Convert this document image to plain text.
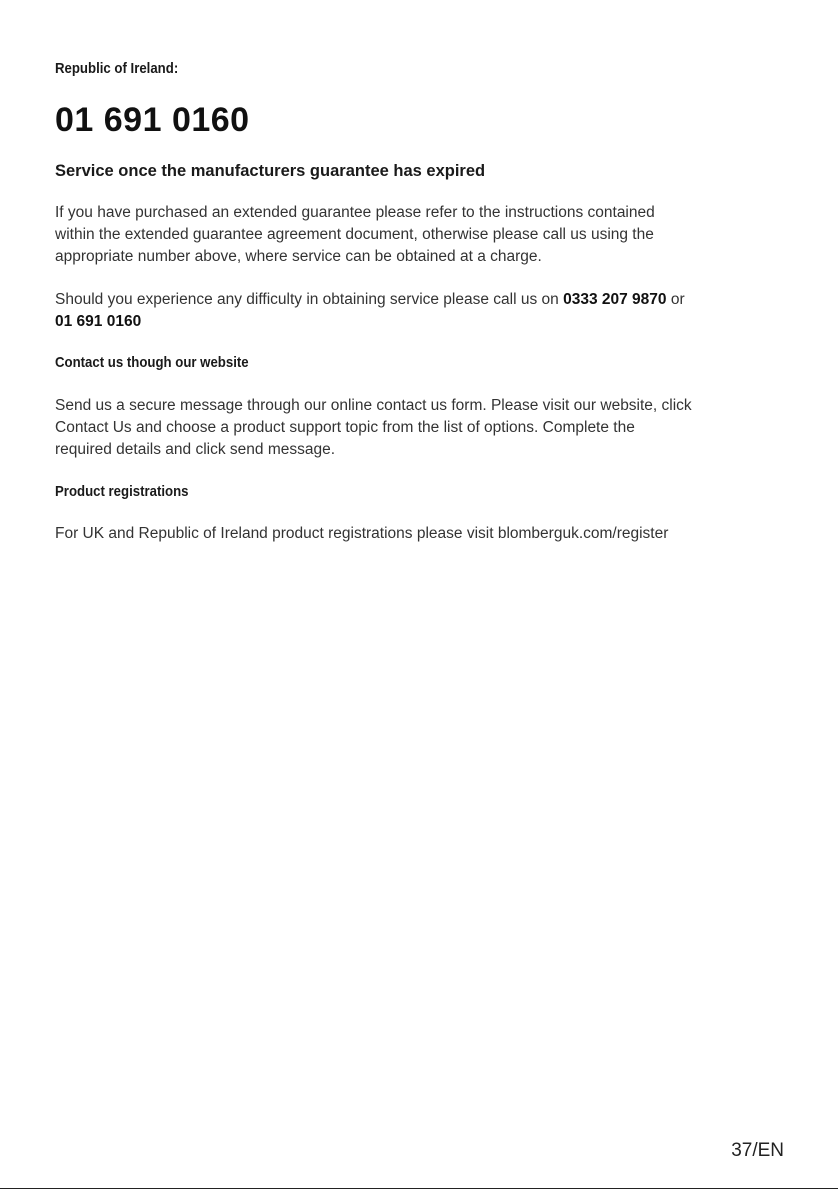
Republic of Ireland:

01 691 0160

Service once the manufacturers guarantee has expired

If you have purchased an extended guarantee please refer to the instructions contained
within the extended guarantee agreement document, otherwise please call us using the
appropriate number above, where service can be obtained at a charge.

Should you experience any difficulty in obtaining service please call us on 0333 207 9870 or
01 691 0160

Contact us though our website

Send us a secure message through our online contact us form. Please visit our website, click
Contact Us and choose a product support topic from the list of options. Complete the
required details and click send message.

Product registrations

For UK and Republic of Ireland product registrations please visit blomberguk.com/register

37/EN
